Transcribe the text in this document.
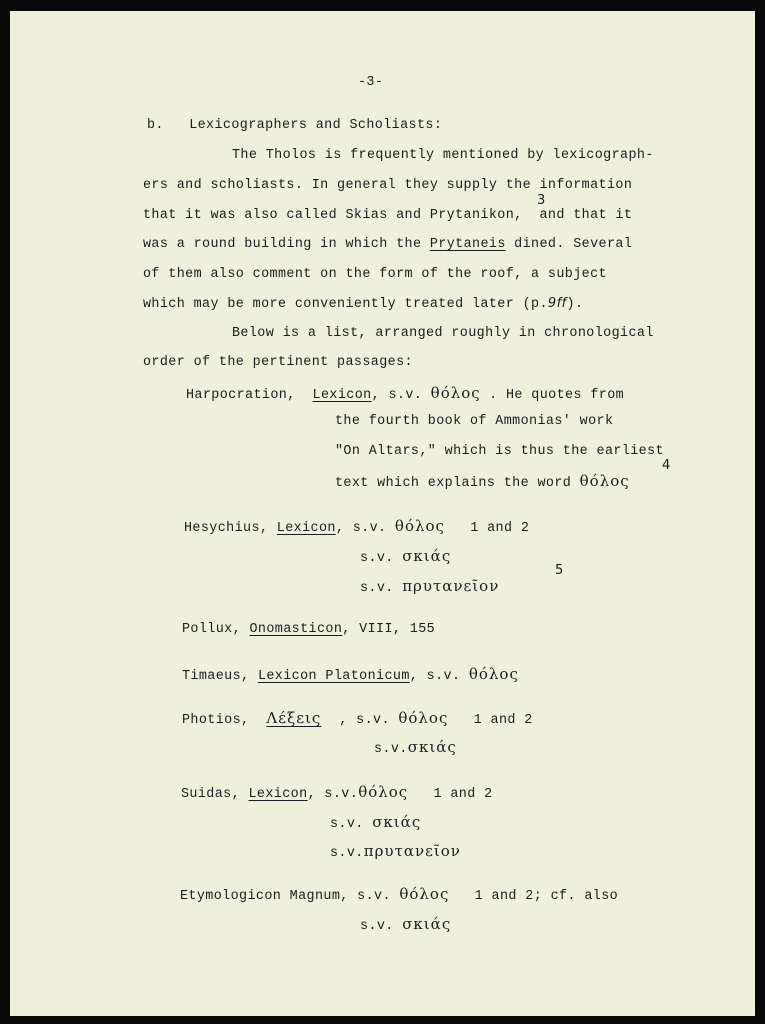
-3-

b. Lexicographers and Scholiasts:

The Tholos is frequently mentioned by lexicograph-

ers and scholiasts. In general they supply the information

that it was also called Skias and Prytanikon, and that it

3

was a round building in which the Prytaneis dined. Several

of them also comment on the form of the roof, a subject

which may be more conveniently treated later (p.9ff).

Below is a list, arranged roughly in chronological

order of the pertinent passages:

Harpocration, Lexicon, s.v. θόλος . He quotes from

the fourth book of Ammonias' work

"On Altars," which is thus the earliest

text which explains the word θόλος

4

Hesychius, Lexicon, s.v. θόλος 1 and 2

s.v. σκιάς

s.v. πρυτανεῖον

5

Pollux, Onomasticon, VIII, 155

Timaeus, Lexicon Platonicum, s.v. θόλος

Photios, Λέξεις , s.v. θόλος 1 and 2

s.v.σκιάς

Suidas, Lexicon, s.v.θόλος 1 and 2

s.v. σκιάς

s.v.πρυτανεῖον

Etymologicon Magnum, s.v. θόλος 1 and 2; cf. also

s.v. σκιάς
